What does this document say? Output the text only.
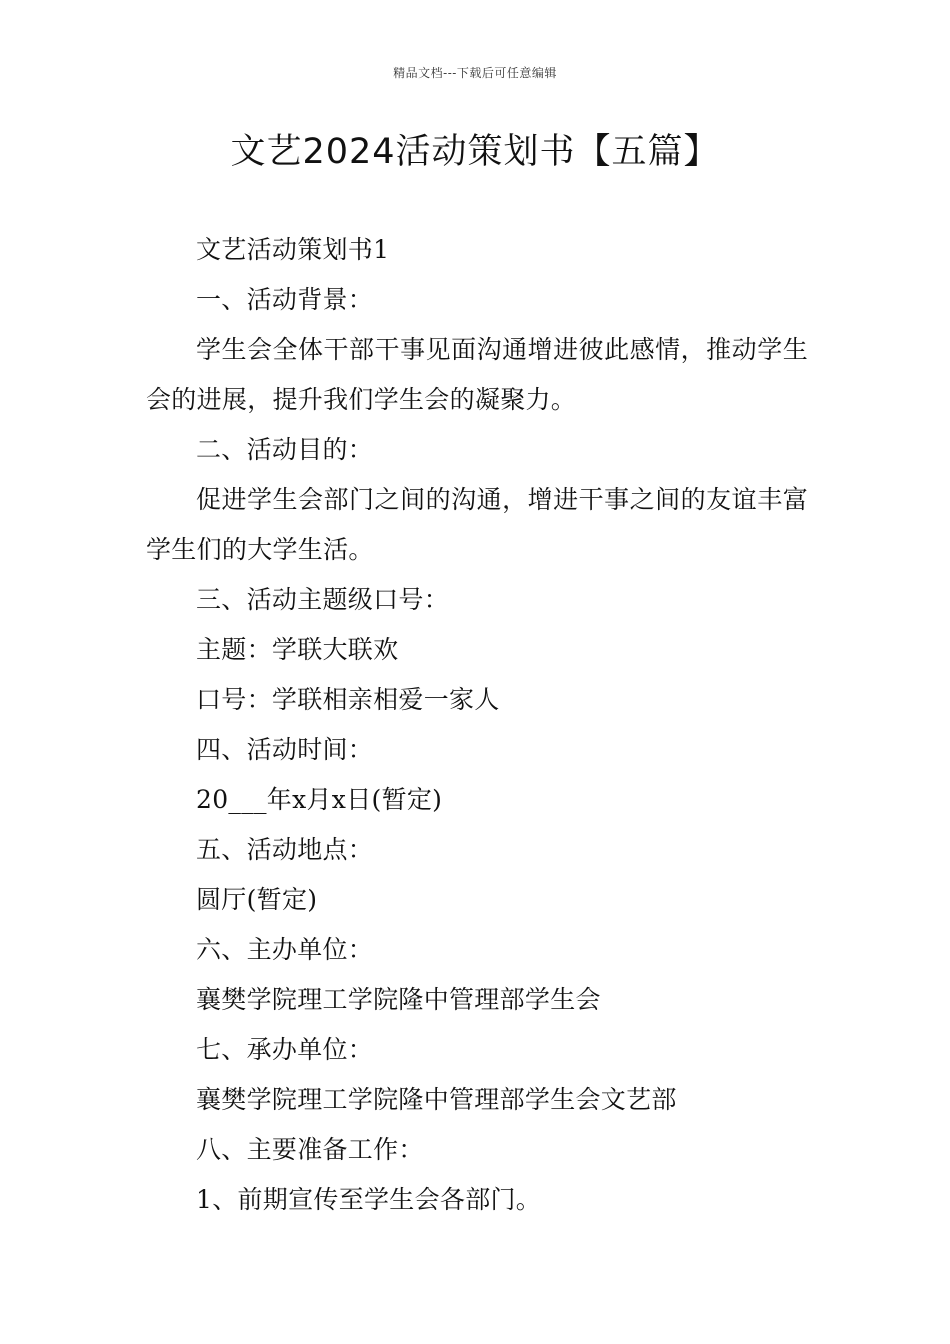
精品文档---下载后可任意编辑
文艺2024活动策划书【五篇】

文艺活动策划书1

一、活动背景：

学生会全体干部干事见面沟通增进彼此感情，推动学生会的进展，提升我们学生会的凝聚力。

二、活动目的：

促进学生会部门之间的沟通，增进干事之间的友谊丰富学生们的大学生活。

三、活动主题级口号：

主题：学联大联欢

口号：学联相亲相爱一家人

四、活动时间：

20___年x月x日(暂定)

五、活动地点：

圆厅(暂定)

六、主办单位：

襄樊学院理工学院隆中管理部学生会

七、承办单位：

襄樊学院理工学院隆中管理部学生会文艺部

八、主要准备工作：

1、前期宣传至学生会各部门。
